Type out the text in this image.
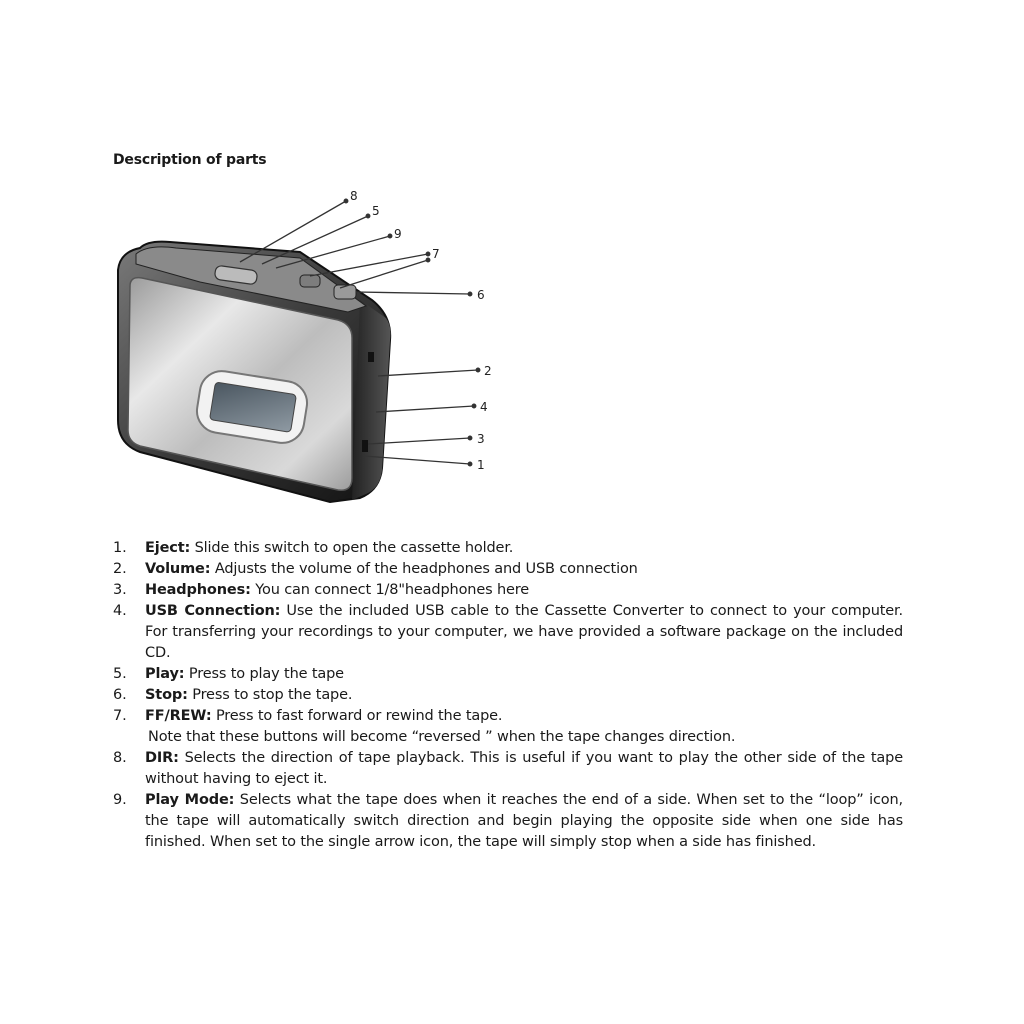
Description of parts
8
5
9
7
6
2
4
3
1
1. Eject: Slide this switch to open the cassette holder.
2. Volume: Adjusts the volume of the headphones and USB connection
3. Headphones: You can connect 1/8"headphones here
4. USB Connection: Use the included USB cable to the Cassette Converter to connect to your computer. For transferring your recordings to your computer, we have provided a software package on the included CD.
5. Play: Press to play the tape
6. Stop: Press to stop the tape.
7. FF/REW: Press to fast forward or rewind the tape.
Note that these buttons will become “reversed ” when the tape changes direction.
8. DIR: Selects the direction of tape playback. This is useful if you want to play the other side of the tape without having to eject it.
9. Play Mode: Selects what the tape does when it reaches the end of a side. When set to the “loop” icon, the tape will automatically switch direction and begin playing the opposite side when one side has finished. When set to the single arrow icon, the tape will simply stop when a side has finished.
